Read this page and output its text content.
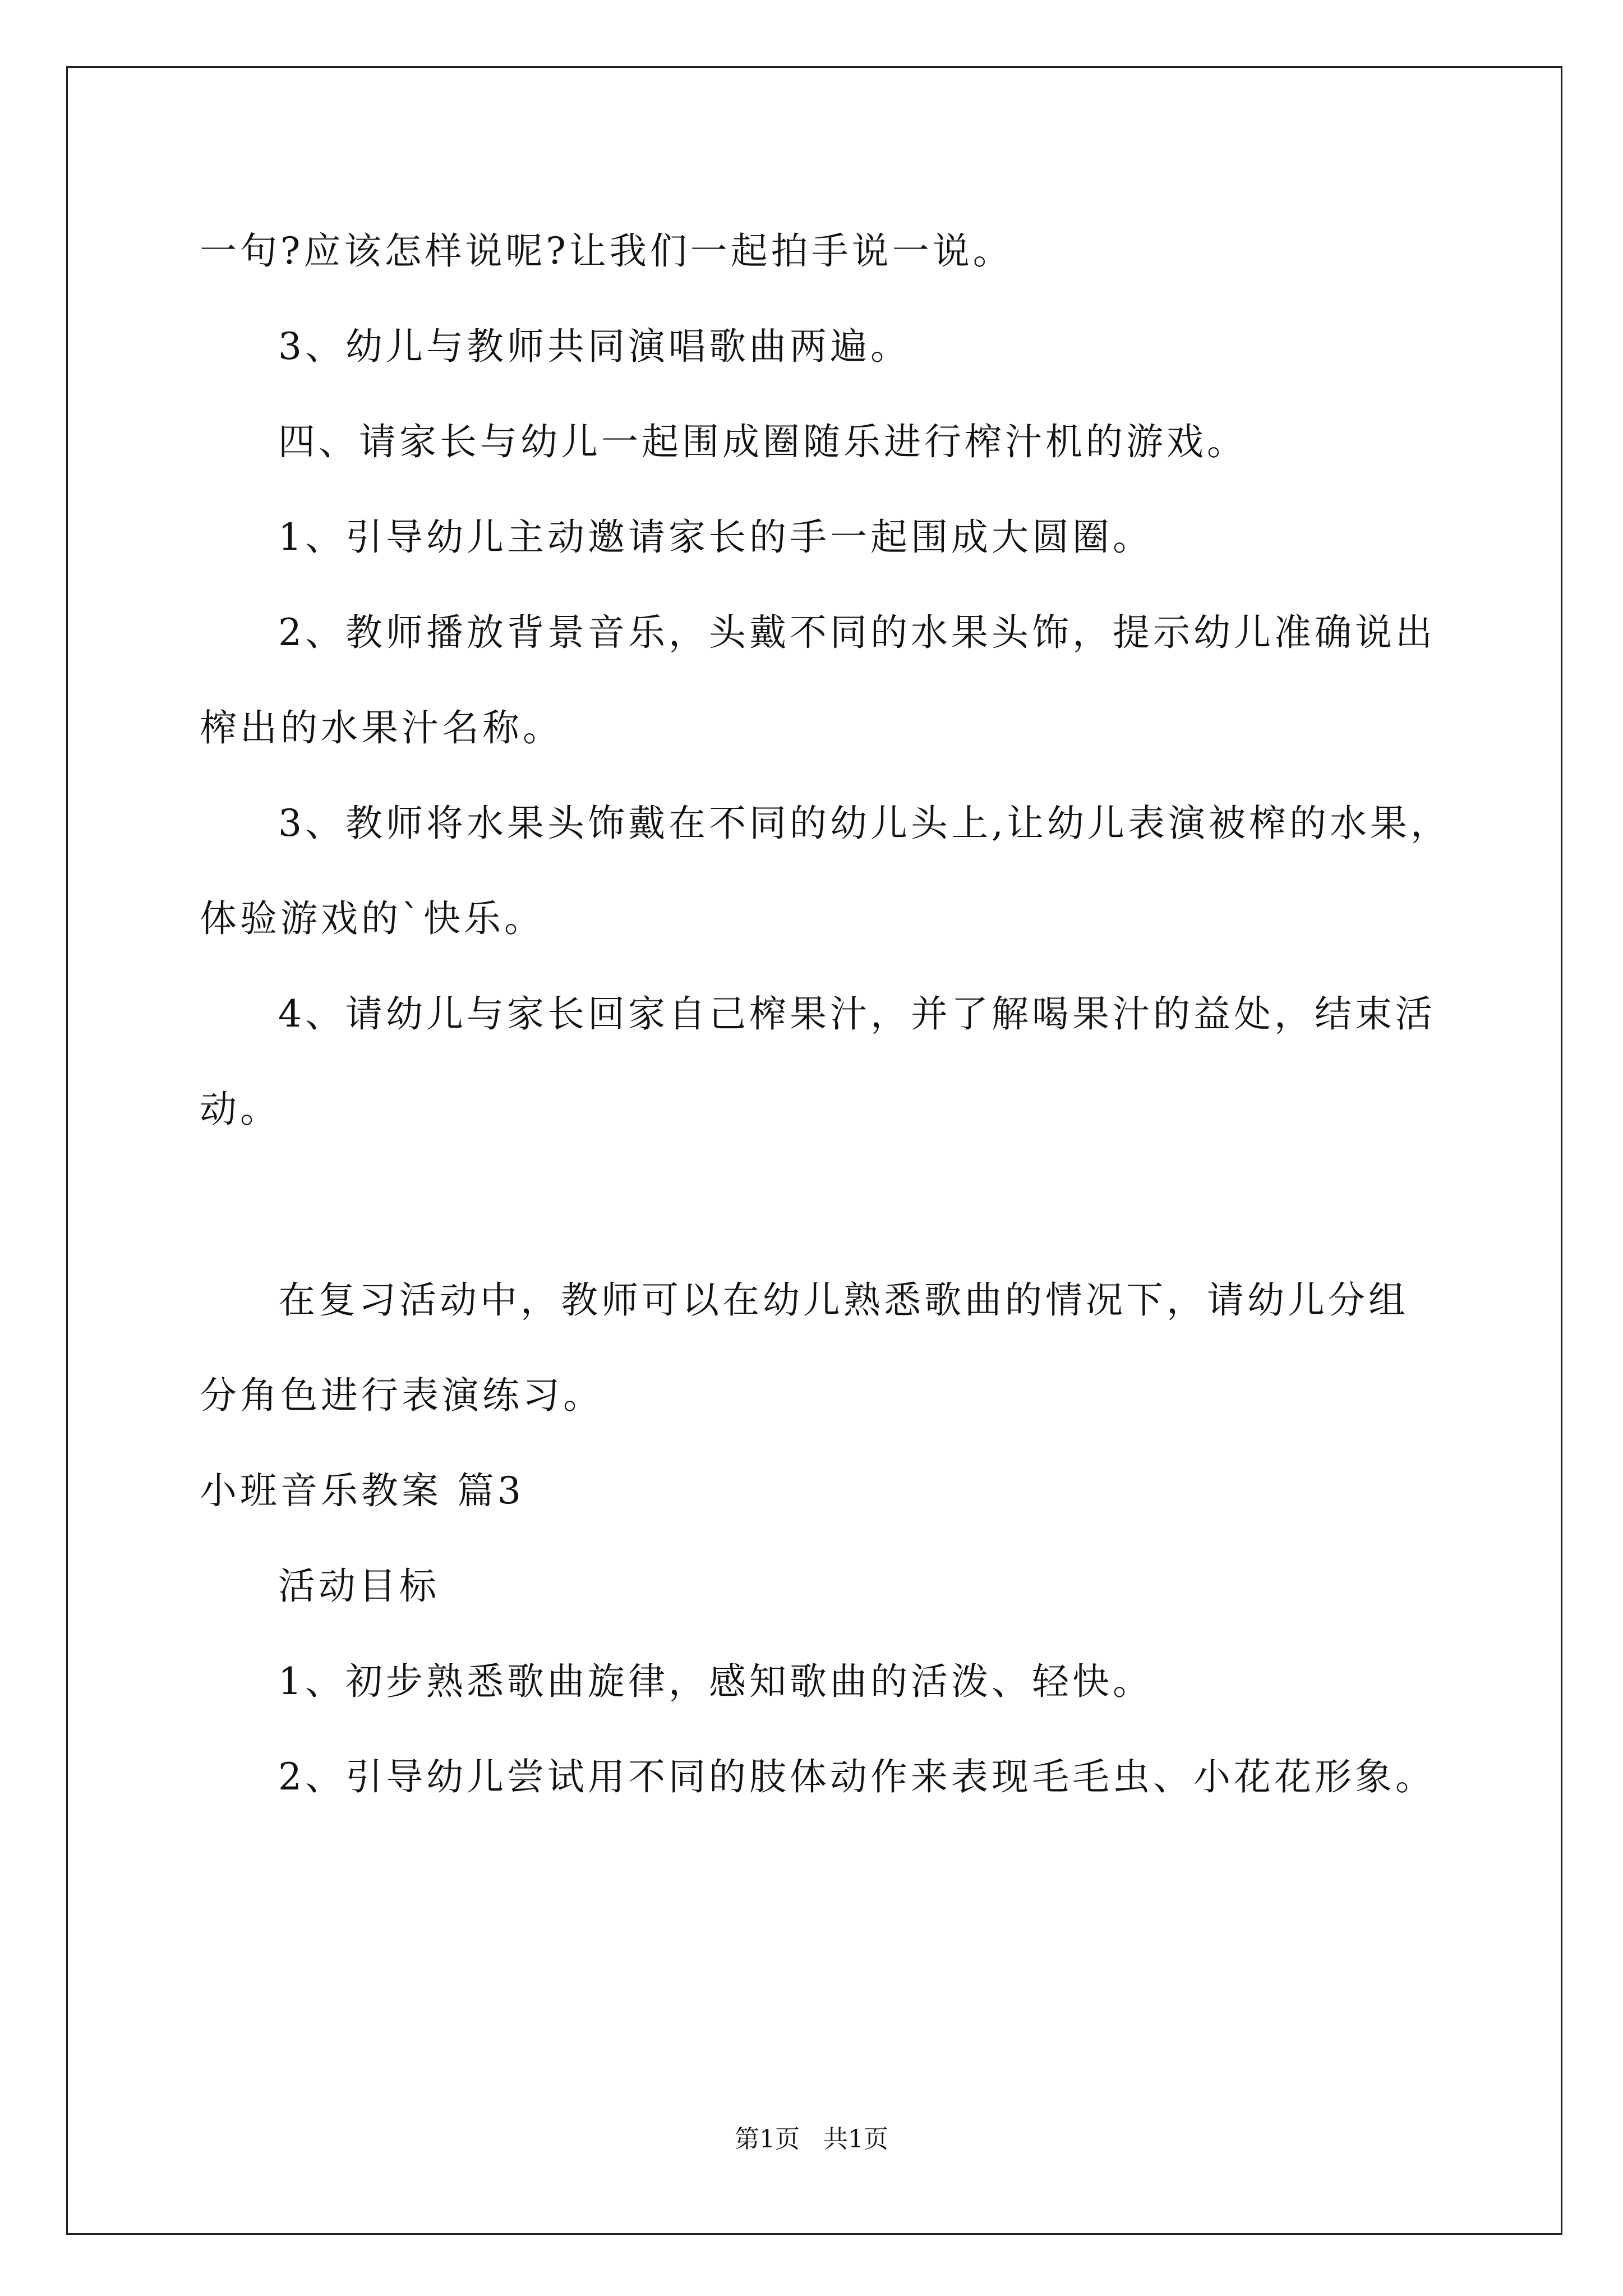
一句?应该怎样说呢?让我们一起拍手说一说。
3、幼儿与教师共同演唱歌曲两遍。
四、请家长与幼儿一起围成圈随乐进行榨汁机的游戏。
1、引导幼儿主动邀请家长的手一起围成大圆圈。
2、教师播放背景音乐，头戴不同的水果头饰，提示幼儿准确说出
榨出的水果汁名称。
3、教师将水果头饰戴在不同的幼儿头上,让幼儿表演被榨的水果，
体验游戏的`快乐。
4、请幼儿与家长回家自己榨果汁，并了解喝果汁的益处，结束活
动。
在复习活动中，教师可以在幼儿熟悉歌曲的情况下，请幼儿分组
分角色进行表演练习。
小班音乐教案 篇3
活动目标
1、初步熟悉歌曲旋律，感知歌曲的活泼、轻快。
2、引导幼儿尝试用不同的肢体动作来表现毛毛虫、小花花形象。
第1页   共1页
